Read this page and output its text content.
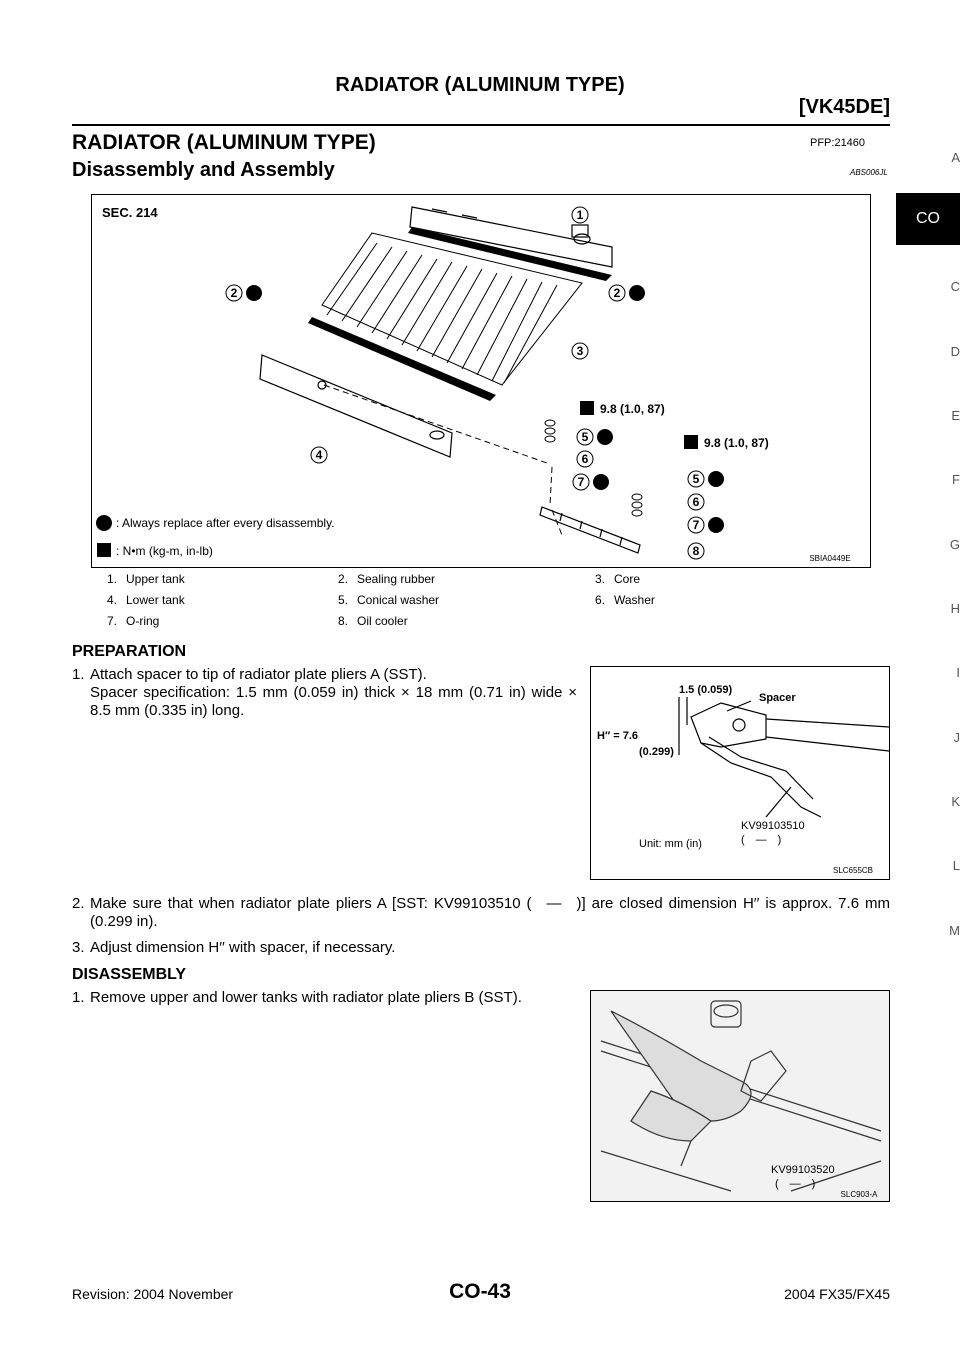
RADIATOR (ALUMINUM TYPE)
[VK45DE]
RADIATOR (ALUMINUM TYPE)	PFP:21460
Disassembly and Assembly	ABS006JL
SEC. 214	1
2	2
3
4
5
6
7	5
6
7
8
9.8 (1.0, 87)
9.8 (1.0, 87)
: Always replace after every disassembly.
: N•m (kg-m, in-lb)
SBIA0449E
1.	Upper tank	2.	Sealing rubber	3.	Core
4.	Lower tank	5.	Conical washer	6.	Washer
7.	O-ring	8.	Oil cooler		
PREPARATION
1. Attach spacer to tip of radiator plate pliers A (SST).
Spacer specification: 1.5 mm (0.059 in) thick × 18 mm (0.71 in) wide × 8.5 mm (0.335 in) long.
1.5 (0.059)
Spacer
H″ = 7.6
(0.299)
KV99103510
( — )
Unit: mm (in)
SLC655CB
2. Make sure that when radiator plate pliers A [SST: KV99103510 ( — )] are closed dimension H′′ is approx. 7.6 mm (0.299 in).
3. Adjust dimension H′′ with spacer, if necessary.
DISASSEMBLY
1. Remove upper and lower tanks with radiator plate pliers B (SST).
KV99103520
( — )
SLC903-A
A
CO
C
D
E
F
G
H
I
J
K
L
M
Revision: 2004 November	CO-43	2004 FX35/FX45
